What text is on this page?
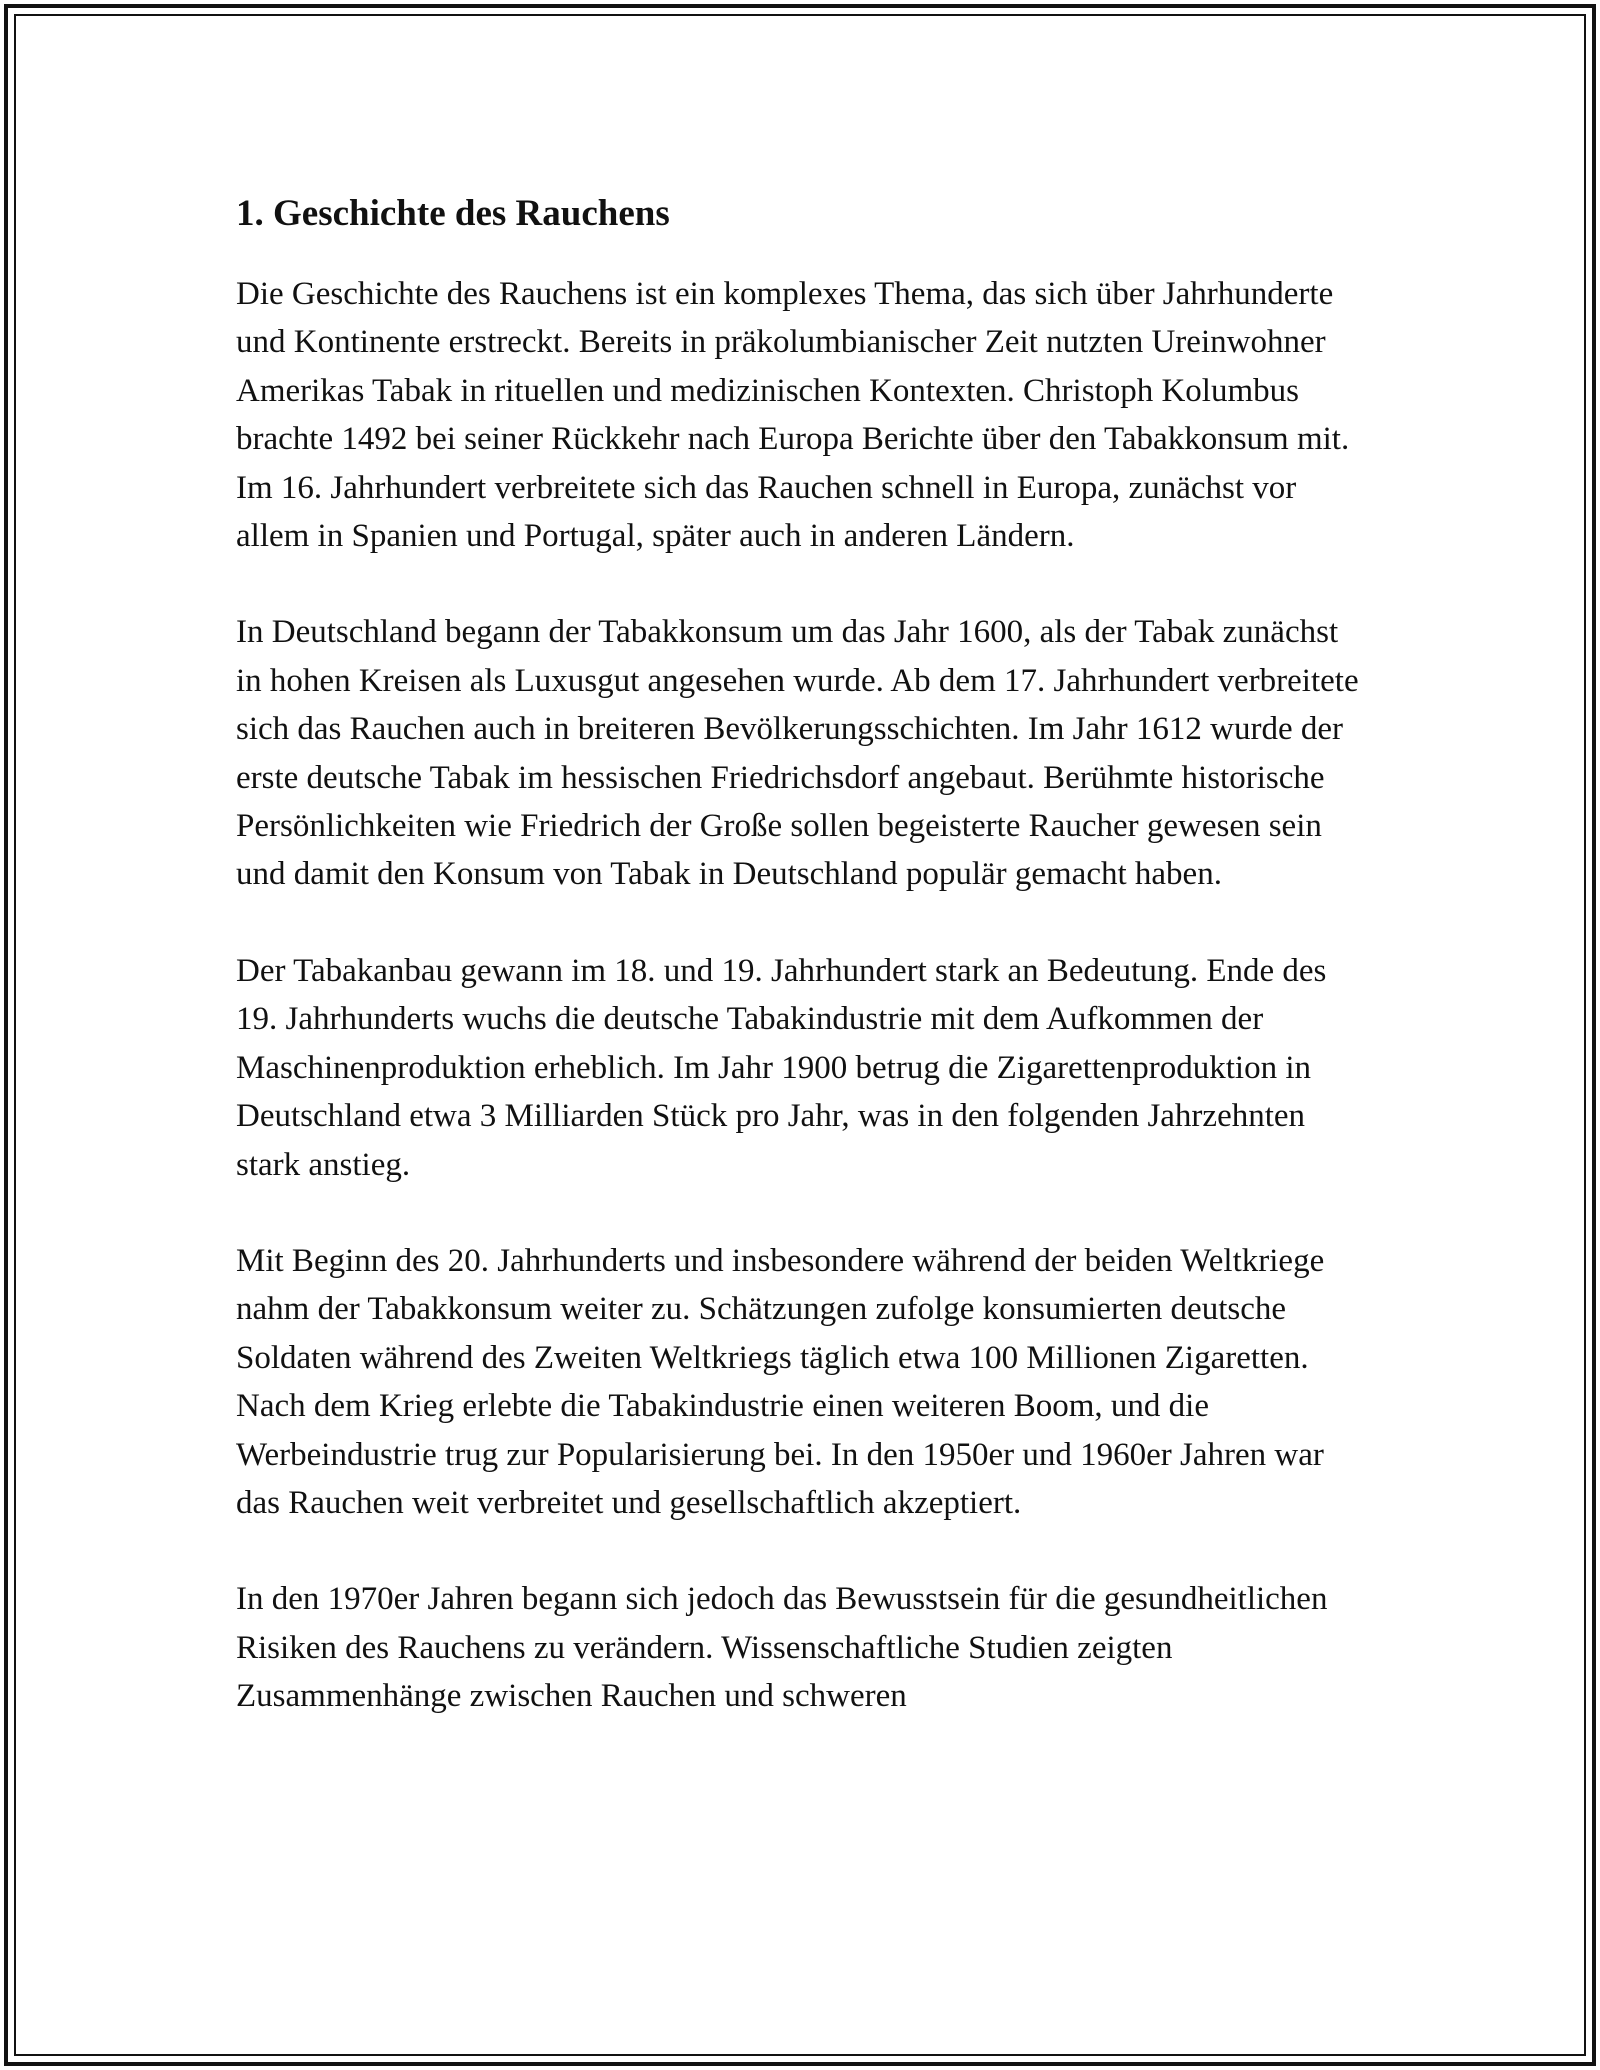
1. Geschichte des Rauchens

Die Geschichte des Rauchens ist ein komplexes Thema, das sich über Jahrhunderte und Kontinente erstreckt. Bereits in präkolumbianischer Zeit nutzten Ureinwohner Amerikas Tabak in rituellen und medizinischen Kontexten. Christoph Kolumbus brachte 1492 bei seiner Rückkehr nach Europa Berichte über den Tabakkonsum mit. Im 16. Jahrhundert verbreitete sich das Rauchen schnell in Europa, zunächst vor allem in Spanien und Portugal, später auch in anderen Ländern.

In Deutschland begann der Tabakkonsum um das Jahr 1600, als der Tabak zunächst in hohen Kreisen als Luxusgut angesehen wurde. Ab dem 17. Jahrhundert verbreitete sich das Rauchen auch in breiteren Bevölkerungsschichten. Im Jahr 1612 wurde der erste deutsche Tabak im hessischen Friedrichsdorf angebaut. Berühmte historische Persönlichkeiten wie Friedrich der Große sollen begeisterte Raucher gewesen sein und damit den Konsum von Tabak in Deutschland populär gemacht haben.

Der Tabakanbau gewann im 18. und 19. Jahrhundert stark an Bedeutung. Ende des 19. Jahrhunderts wuchs die deutsche Tabakindustrie mit dem Aufkommen der Maschinenproduktion erheblich. Im Jahr 1900 betrug die Zigarettenproduktion in Deutschland etwa 3 Milliarden Stück pro Jahr, was in den folgenden Jahrzehnten stark anstieg.

Mit Beginn des 20. Jahrhunderts und insbesondere während der beiden Weltkriege nahm der Tabakkonsum weiter zu. Schätzungen zufolge konsumierten deutsche Soldaten während des Zweiten Weltkriegs täglich etwa 100 Millionen Zigaretten. Nach dem Krieg erlebte die Tabakindustrie einen weiteren Boom, und die Werbeindustrie trug zur Popularisierung bei. In den 1950er und 1960er Jahren war das Rauchen weit verbreitet und gesellschaftlich akzeptiert.

In den 1970er Jahren begann sich jedoch das Bewusstsein für die gesundheitlichen Risiken des Rauchens zu verändern. Wissenschaftliche Studien zeigten Zusammenhänge zwischen Rauchen und schweren
